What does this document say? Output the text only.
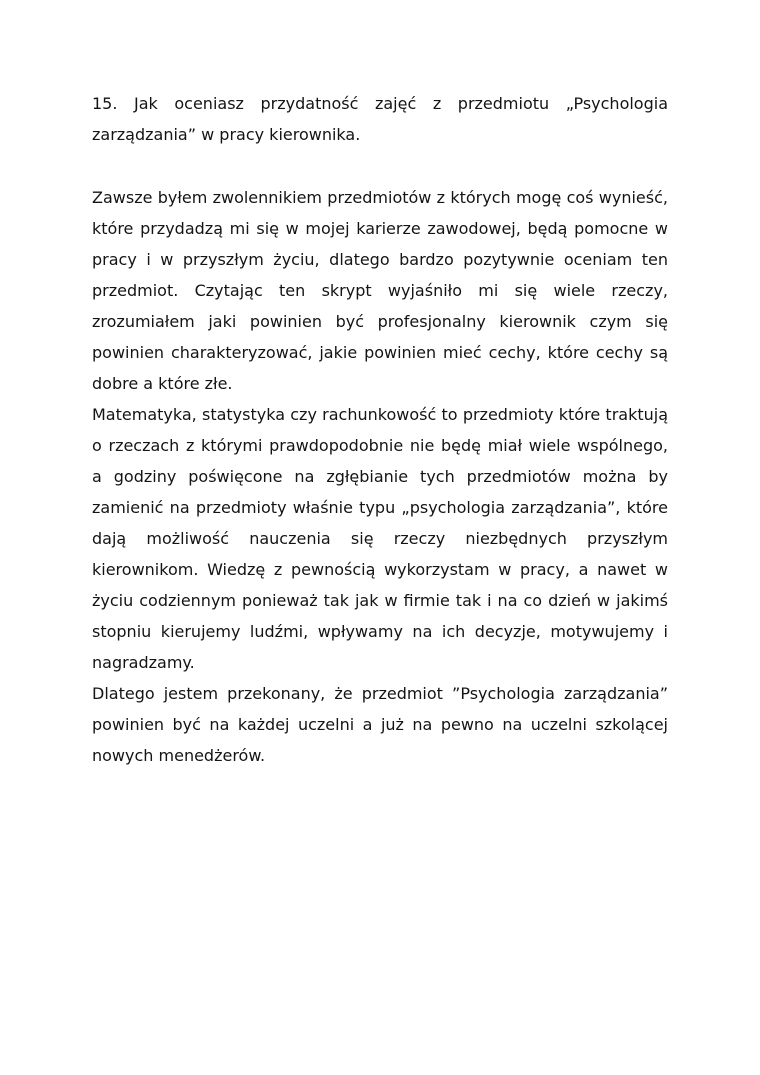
15. Jak oceniasz przydatność zajęć z przedmiotu „Psychologia zarządzania” w pracy kierownika.

Zawsze byłem zwolennikiem przedmiotów z których mogę coś wynieść, które przydadzą mi się w mojej karierze zawodowej, będą pomocne w pracy i w przyszłym życiu, dlatego bardzo pozytywnie oceniam ten przedmiot. Czytając ten skrypt wyjaśniło mi się wiele rzeczy, zrozumiałem jaki powinien być profesjonalny kierownik czym się powinien charakteryzować, jakie powinien mieć cechy, które cechy są dobre a które złe.

Matematyka, statystyka czy rachunkowość to przedmioty które traktują o rzeczach z którymi prawdopodobnie nie będę miał wiele wspólnego, a godziny poświęcone na zgłębianie tych przedmiotów można by zamienić na przedmioty właśnie typu „psychologia zarządzania”, które dają możliwość nauczenia się rzeczy niezbędnych przyszłym kierownikom. Wiedzę z pewnością wykorzystam w pracy, a nawet w życiu codziennym ponieważ tak jak w firmie tak i na co dzień w jakimś stopniu kierujemy ludźmi, wpływamy na ich decyzje, motywujemy i nagradzamy.

Dlatego jestem przekonany, że przedmiot ”Psychologia zarządzania” powinien być na każdej uczelni a już na pewno na uczelni szkolącej nowych menedżerów.
